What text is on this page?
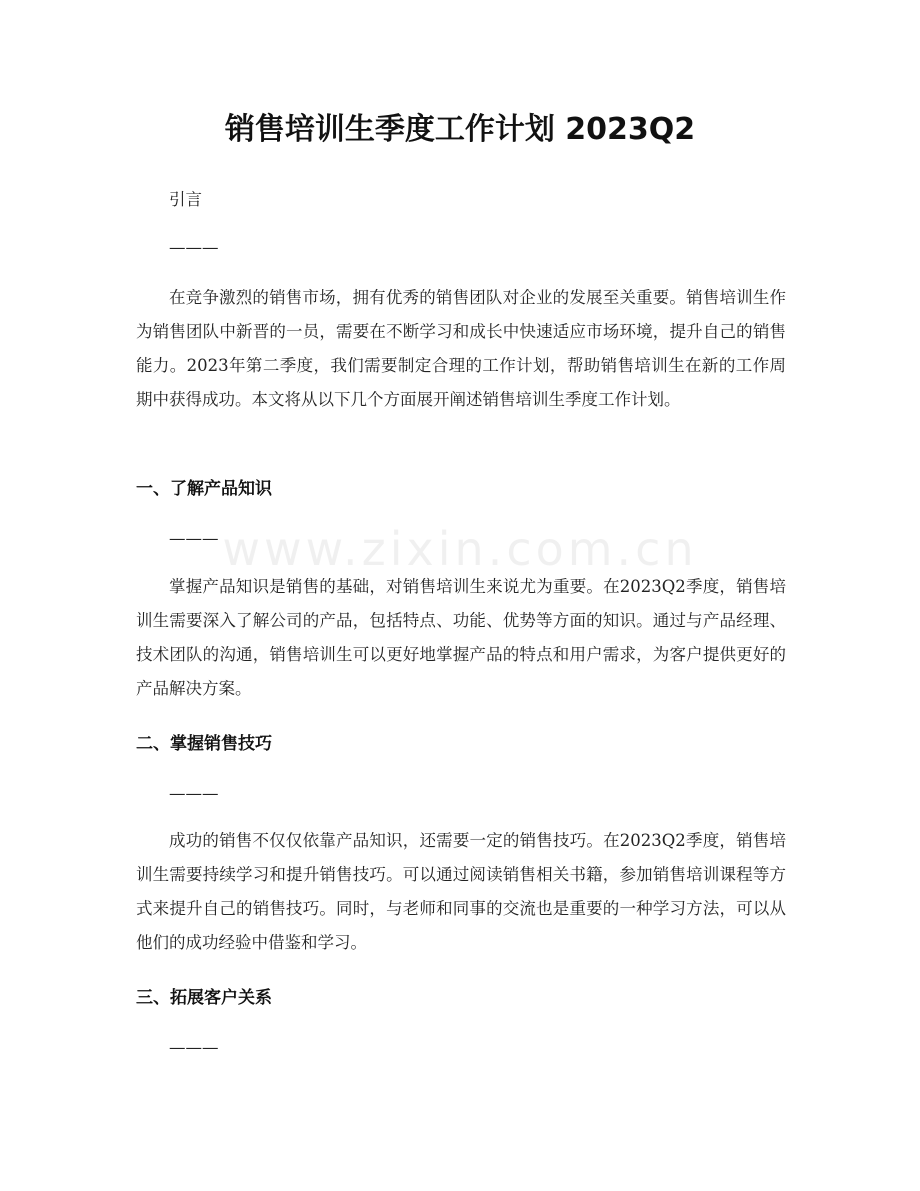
www.zixin.com.cn
销售培训生季度工作计划 2023Q2

引言

———

在竞争激烈的销售市场，拥有优秀的销售团队对企业的发展至关重要。销售培训生作为销售团队中新晋的一员，需要在不断学习和成长中快速适应市场环境，提升自己的销售能力。2023年第二季度，我们需要制定合理的工作计划，帮助销售培训生在新的工作周期中获得成功。本文将从以下几个方面展开阐述销售培训生季度工作计划。

一、了解产品知识

———

掌握产品知识是销售的基础，对销售培训生来说尤为重要。在2023Q2季度，销售培训生需要深入了解公司的产品，包括特点、功能、优势等方面的知识。通过与产品经理、技术团队的沟通，销售培训生可以更好地掌握产品的特点和用户需求，为客户提供更好的产品解决方案。

二、掌握销售技巧

———

成功的销售不仅仅依靠产品知识，还需要一定的销售技巧。在2023Q2季度，销售培训生需要持续学习和提升销售技巧。可以通过阅读销售相关书籍，参加销售培训课程等方式来提升自己的销售技巧。同时，与老师和同事的交流也是重要的一种学习方法，可以从他们的成功经验中借鉴和学习。

三、拓展客户关系

———
